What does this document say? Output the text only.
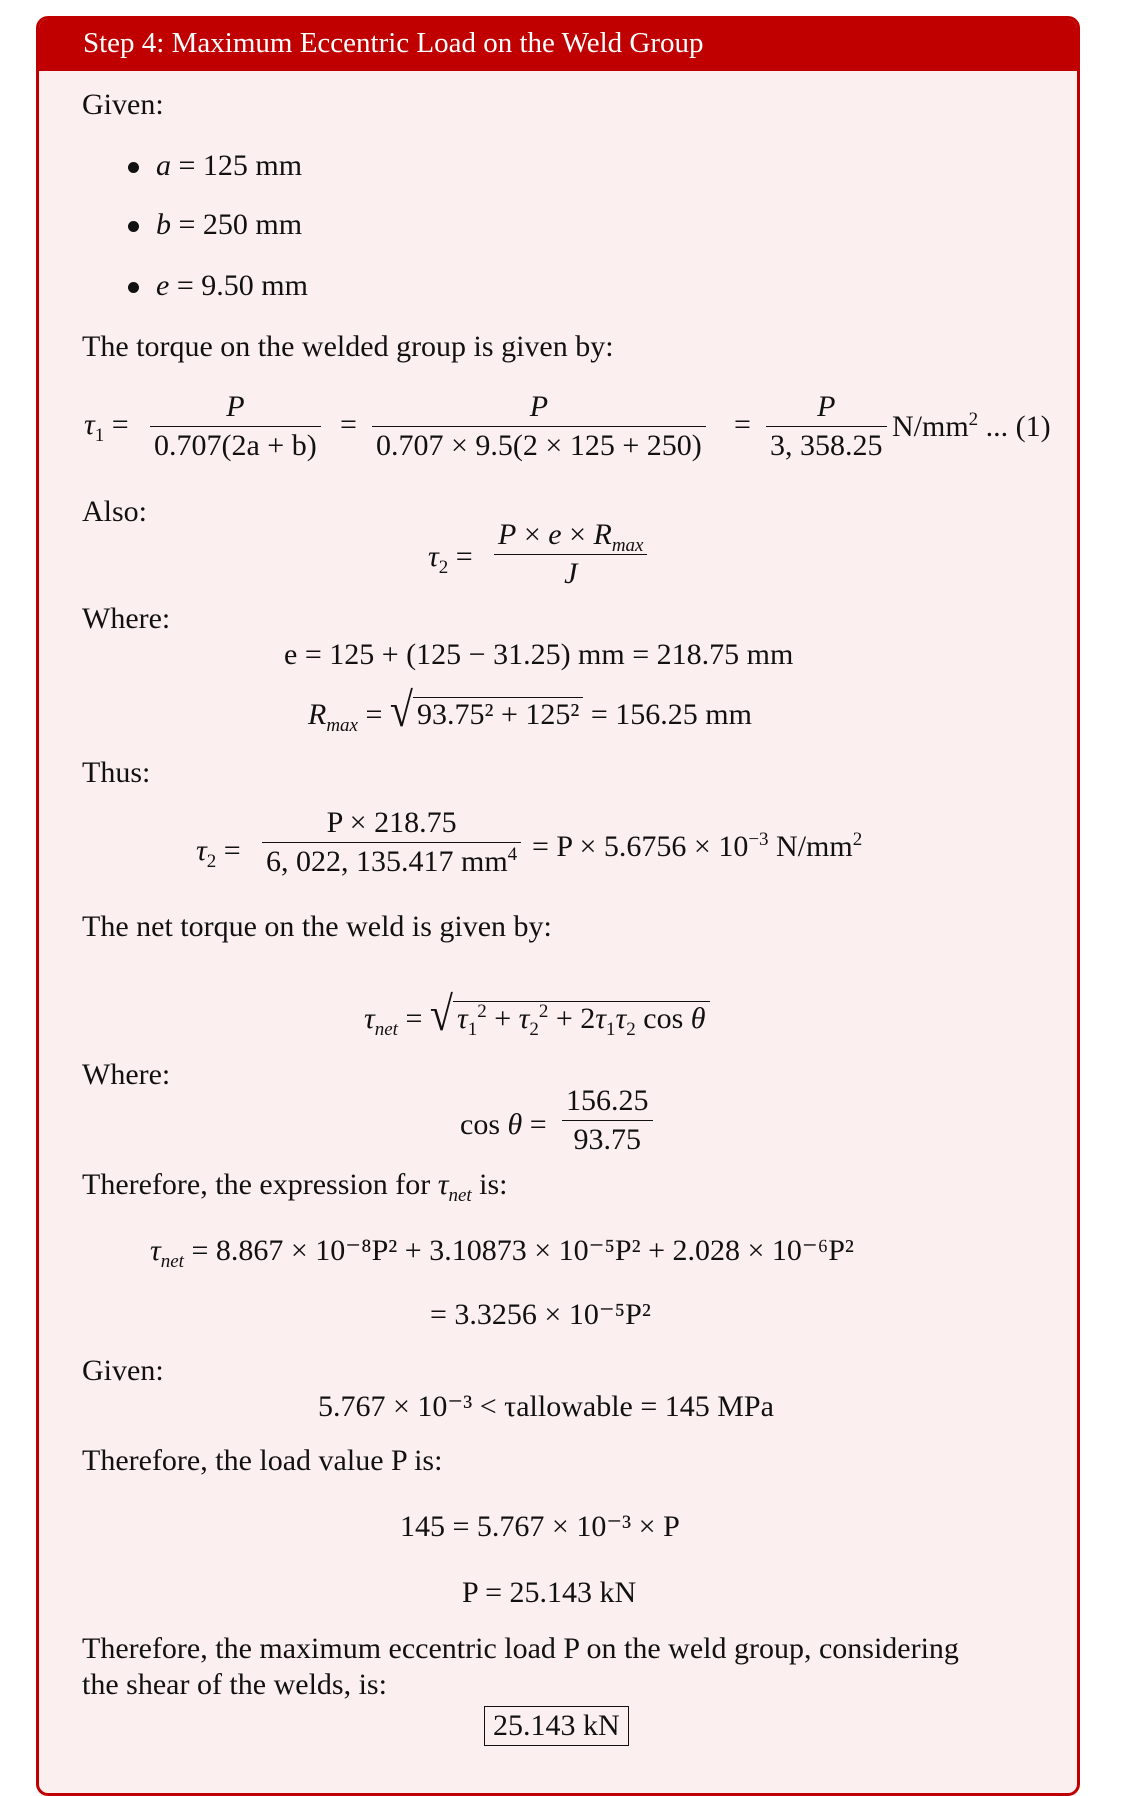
Step 4: Maximum Eccentric Load on the Weld Group
Given:
a = 125 mm
b = 250 mm
e = 9.50 mm
The torque on the welded group is given by:
$\tau_1 = \frac{P}{0.707(2a + b)} = \frac{P}{0.707 \times 9.5(2 \times 125 + 250)} = \frac{P}{3, 358.25} N/mm^2$ ... (1)
Also:
$\tau_2 = \frac{P \times e \times R_{max}}{J}$
Where:
e = 125 + (125 − 31.25) mm = 218.75 mm
$R_{max}$ = √ 93.75² + 125² = 156.25 mm
Thus:
$\tau_2 = \frac{P \times 218.75}{6, 022, 135.417 mm^4} = P \times 5.6756 \times 10^{-3}$ $N/mm^2$
The net torque on the weld is given by:
$\tau_{net}$ = √ $\tau_1^2 + \tau_2^2 + 2\tau_1\tau_2$ cos θ
Where:
$\cos \theta = \frac{156.25}{93.75}$
Therefore, the expression for $\tau_{net}$ is:
$\tau_{net} = 8.867 \times 10^{-8}P^2 + 3.10873 \times 10^{-5}P^2 + 2.028 \times 10^{-6}P^2$
= 3.3256 × 10⁻⁵P²
Given:
5.767 × 10⁻³ < τallowable = 145 MPa
Therefore, the load value P is:
145 = 5.767 × 10⁻³ × P
P = 25.143 kN
Therefore, the maximum eccentric load P on the weld group, considering
the shear of the welds, is:
25.143 kN
